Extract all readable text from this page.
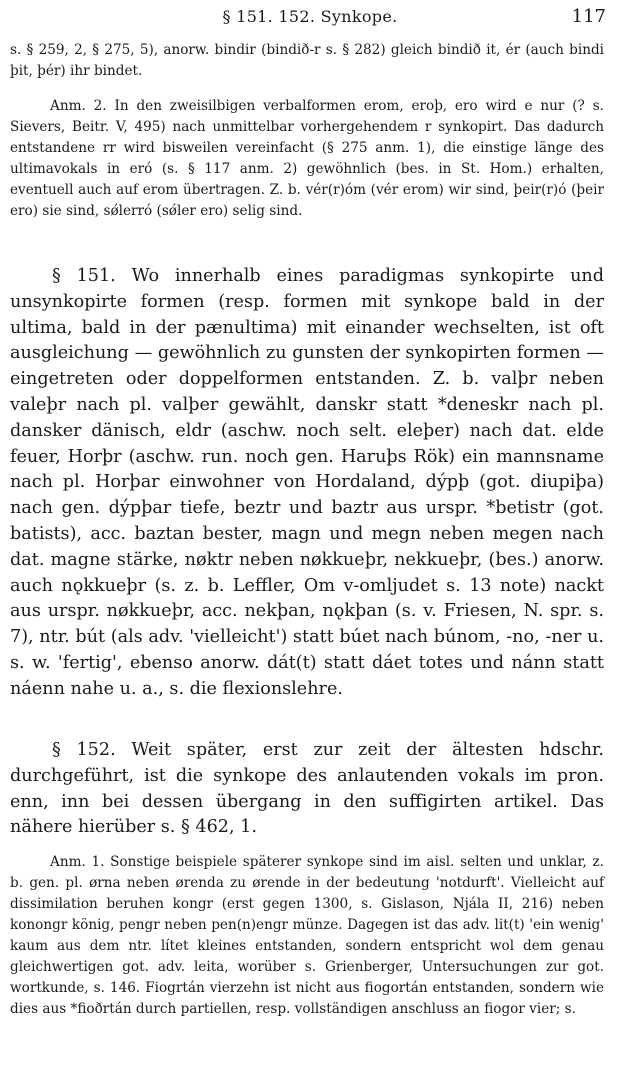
§ 151. 152. Synkope.	117

s. § 259, 2, § 275, 5), anorw. bindir (bindið-r s. § 282) gleich bindið it, ér (auch bindi þit, þér) ihr bindet.

Anm. 2. In den zweisilbigen verbalformen erom, eroþ, ero wird e nur (? s. Sievers, Beitr. V, 495) nach unmittelbar vorhergehendem r synkopirt. Das dadurch entstandene rr wird bisweilen vereinfacht (§ 275 anm. 1), die einstige länge des ultimavokals in eró (s. § 117 anm. 2) gewöhnlich (bes. in St. Hom.) erhalten, eventuell auch auf erom übertragen. Z. b. vér(r)óm (vér erom) wir sind, þeir(r)ó (þeir ero) sie sind, sǿlerró (sǿler ero) selig sind.

§ 151. Wo innerhalb eines paradigmas synkopirte und unsynkopirte formen (resp. formen mit synkope bald in der ultima, bald in der pænultima) mit einander wechselten, ist oft ausgleichung — gewöhnlich zu gunsten der synkopirten formen — eingetreten oder doppelformen entstanden. Z. b. valþr neben valeþr nach pl. valþer gewählt, danskr statt *deneskr nach pl. dansker dänisch, eldr (aschw. noch selt. eleþer) nach dat. elde feuer, Horþr (aschw. run. noch gen. Haruþs Rök) ein mannsname nach pl. Horþar einwohner von Hordaland, dýpþ (got. diupiþa) nach gen. dýpþar tiefe, beztr und baztr aus urspr. *betistr (got. batists), acc. baztan bester, magn und megn neben megen nach dat. magne stärke, nøktr neben nøkkueþr, nekkueþr, (bes.) anorw. auch nǫkkueþr (s. z. b. Leffler, Om v-omljudet s. 13 note) nackt aus urspr. nøkkueþr, acc. nekþan, nǫkþan (s. v. Friesen, N. spr. s. 7), ntr. bút (als adv. 'vielleicht') statt búet nach búnom, -no, -ner u. s. w. 'fertig', ebenso anorw. dát(t) statt dáet totes und nánn statt náenn nahe u. a., s. die flexionslehre.

§ 152. Weit später, erst zur zeit der ältesten hdschr. durchgeführt, ist die synkope des anlautenden vokals im pron. enn, inn bei dessen übergang in den suffigirten artikel. Das nähere hierüber s. § 462, 1.

Anm. 1. Sonstige beispiele späterer synkope sind im aisl. selten und unklar, z. b. gen. pl. ørna neben ørenda zu ørende in der bedeutung 'notdurft'. Vielleicht auf dissimilation beruhen kongr (erst gegen 1300, s. Gislason, Njála II, 216) neben konongr könig, pengr neben pen(n)engr münze. Dagegen ist das adv. lit(t) 'ein wenig' kaum aus dem ntr. lítet kleines entstanden, sondern entspricht wol dem genau gleichwertigen got. adv. leita, worüber s. Grienberger, Untersuchungen zur got. wortkunde, s. 146. Fiogrtán vierzehn ist nicht aus fiogortán entstanden, sondern wie dies aus *fioðrtán durch partiellen, resp. vollständigen anschluss an fiogor vier; s.
